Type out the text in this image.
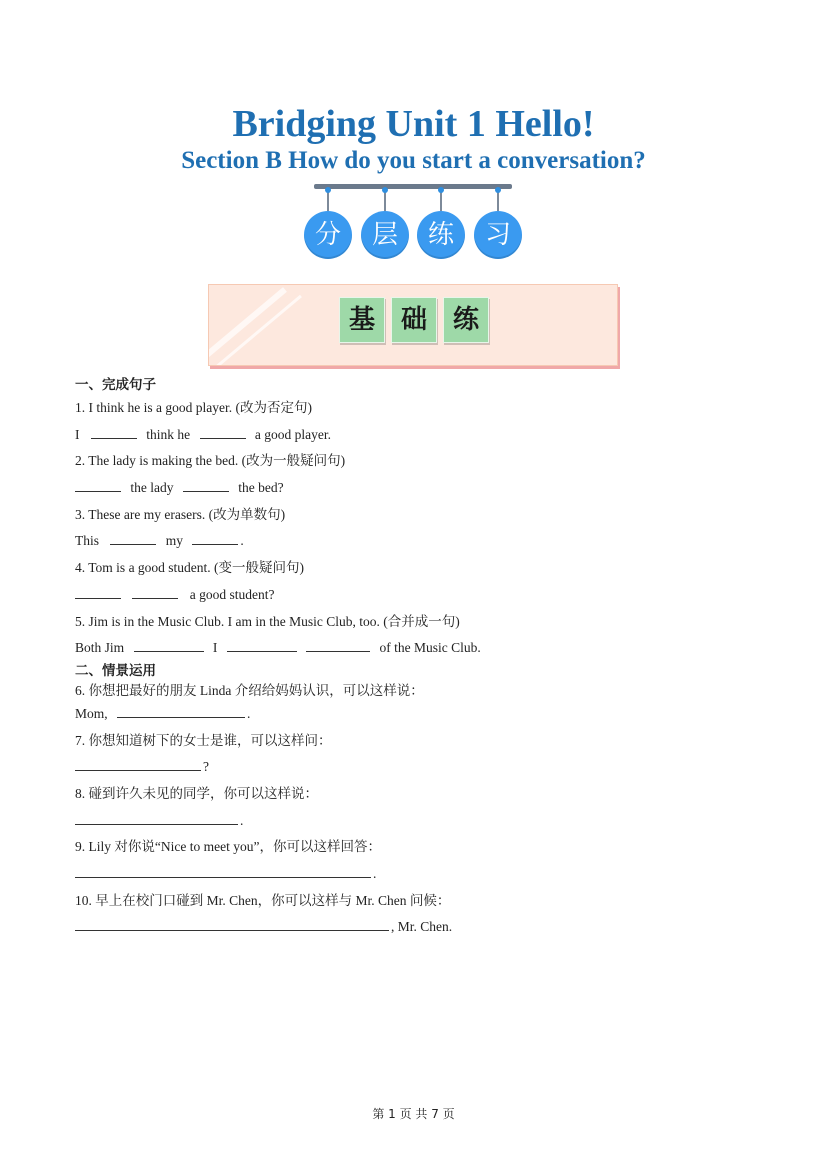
Bridging Unit 1 Hello!
Section B How do you start a conversation?
分	层	练	习
基 础 练
一、完成句子
1. I think he is a good player. (改为否定句)
I	think he	a good player.
2. The lady is making the bed. (改为一般疑问句)
the lady	the bed?
3. These are my erasers. (改为单数句)
This	my	.
4. Tom is a good student. (变一般疑问句)
a good student?
5. Jim is in the Music Club. I am in the Music Club, too. (合并成一句)
Both Jim	I	of the Music Club.
二、情景运用
6. 你想把最好的朋友 Linda 介绍给妈妈认识，可以这样说：
Mom,	.
7. 你想知道树下的女士是谁，可以这样问：
?
8. 碰到许久未见的同学，你可以这样说：
.
9. Lily 对你说“Nice to meet you”，你可以这样回答：
.
10. 早上在校门口碰到 Mr. Chen，你可以这样与 Mr. Chen 问候：
, Mr. Chen.
第 1 页 共 7 页
